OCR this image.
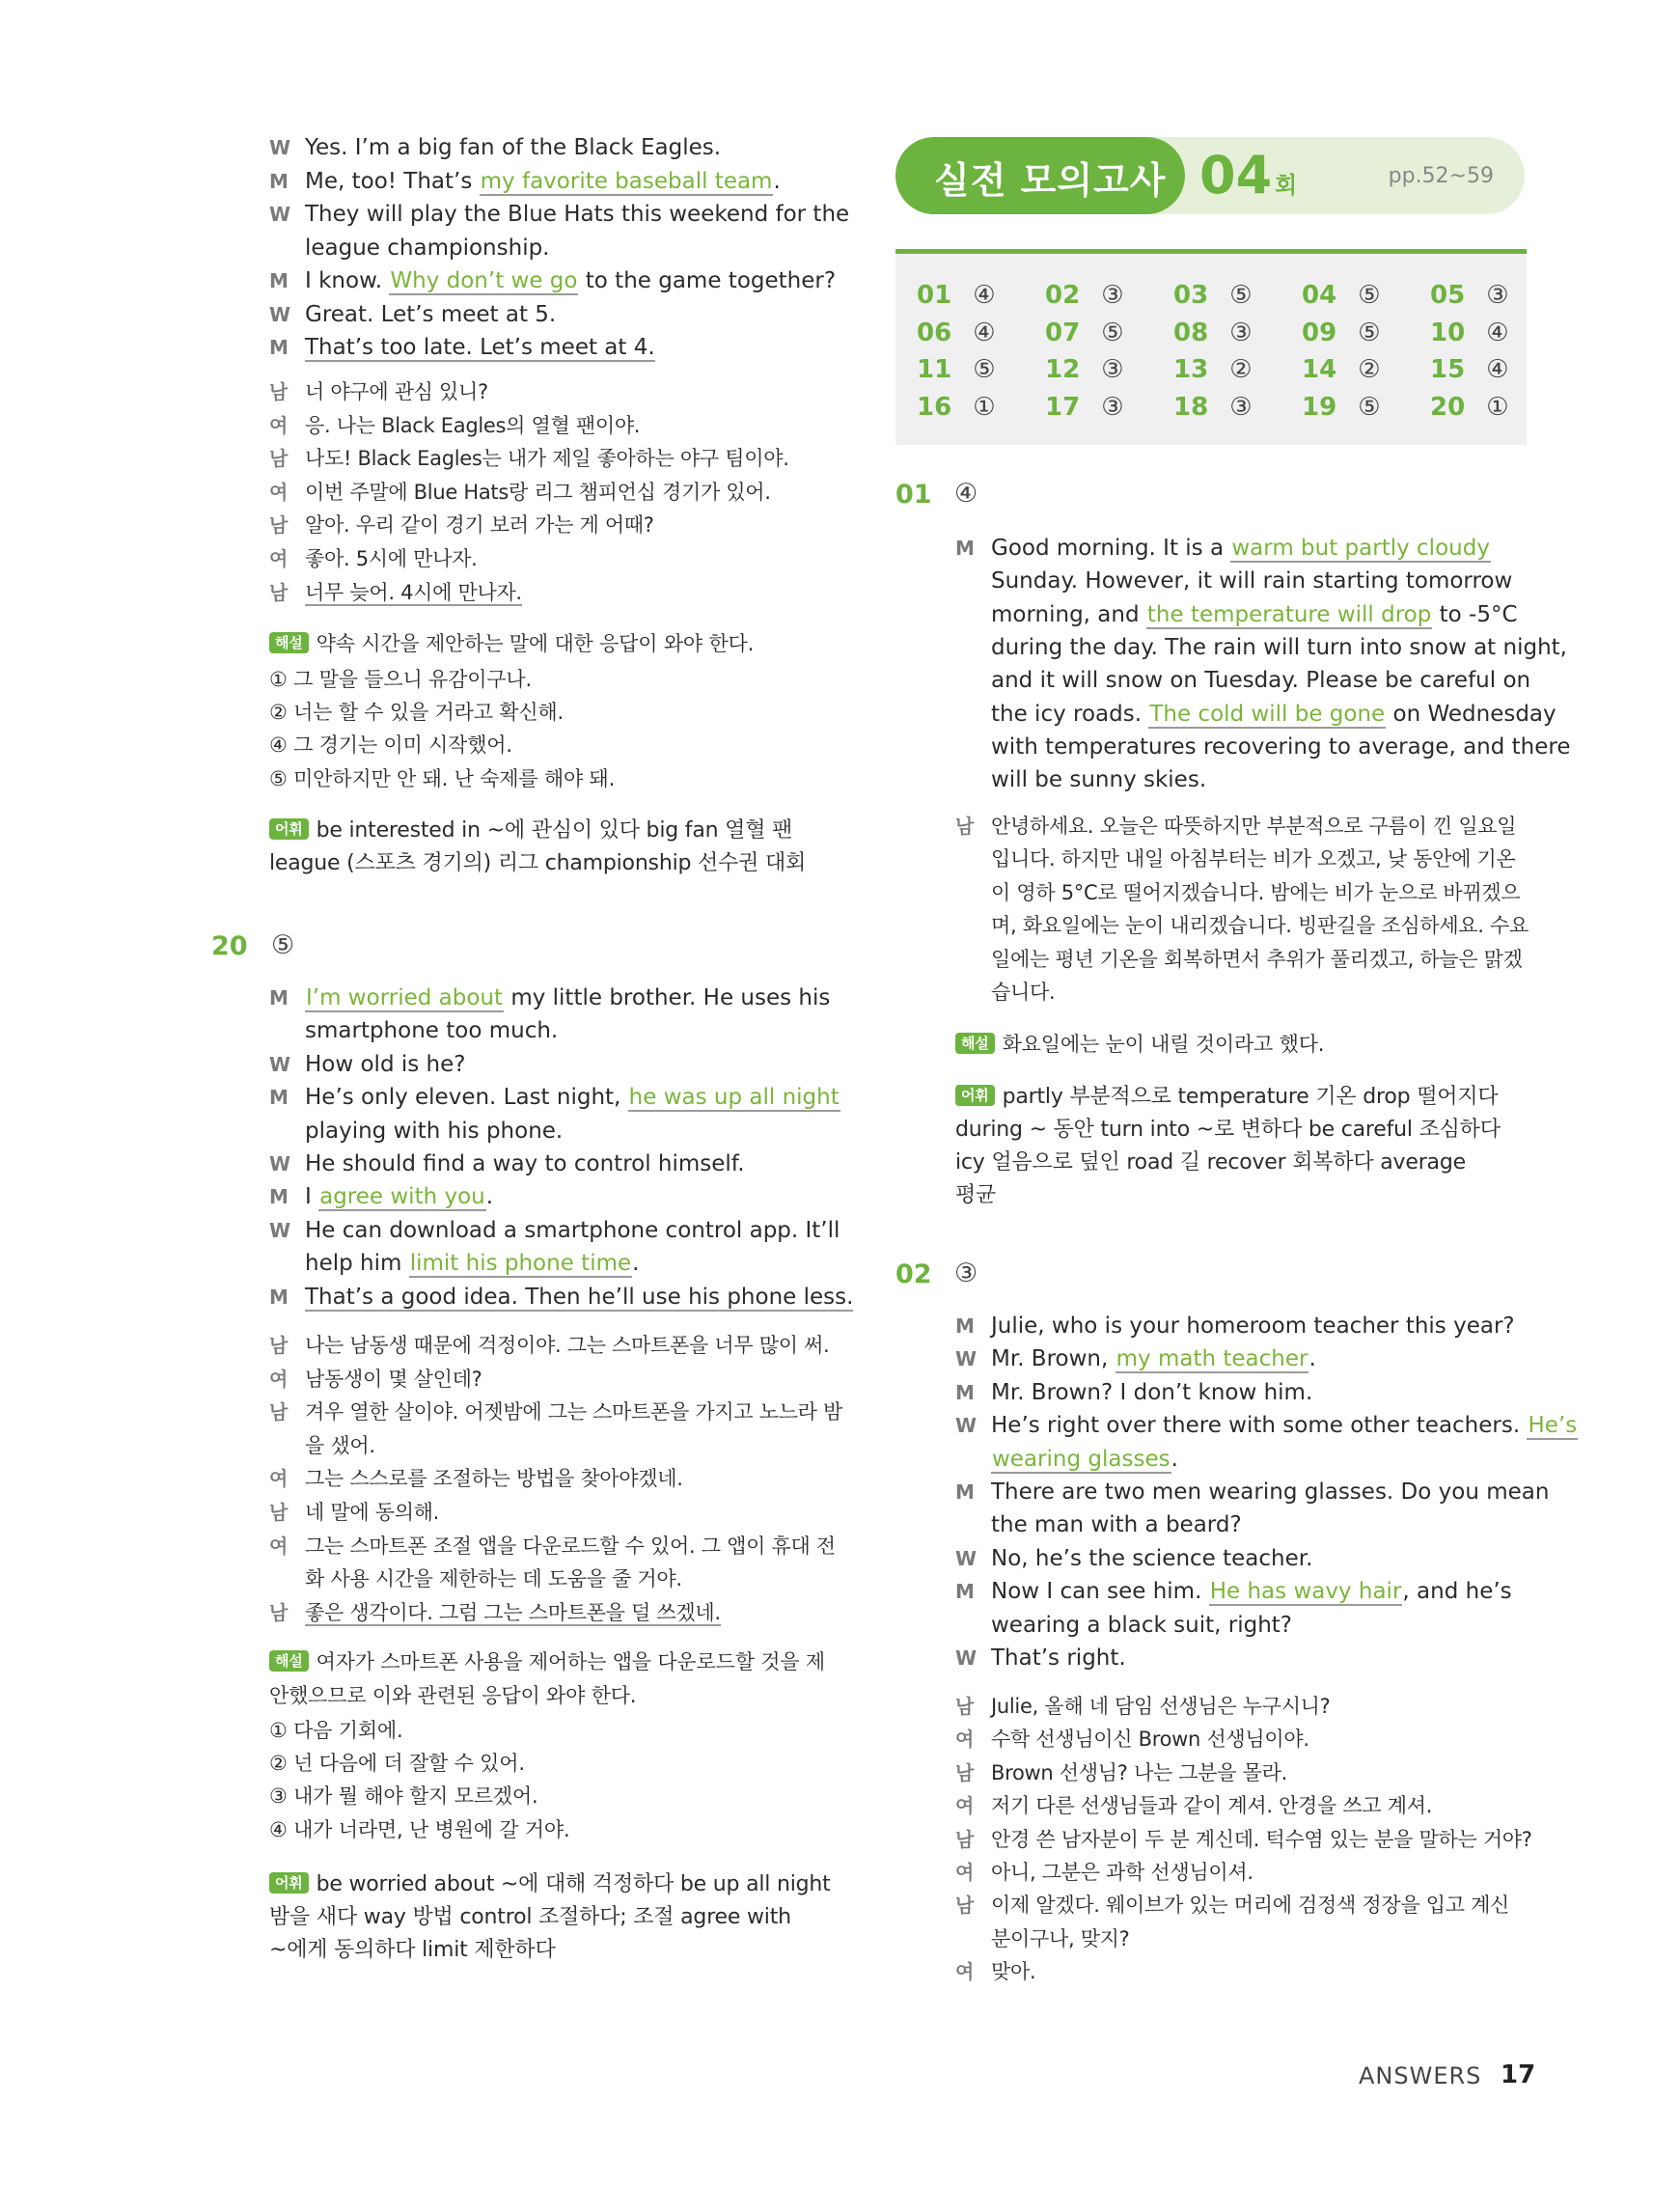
W Yes. I’m a big fan of the Black Eagles.
M Me, too! That’s my favorite baseball team.
W They will play the Blue Hats this weekend for the
league championship.
M I know. Why don’t we go to the game together?
W Great. Let’s meet at 5.
M That’s too late. Let’s meet at 4.
남 너 야구에 관심 있니?
여 응. 나는 Black Eagles의 열혈 팬이야.
남 나도! Black Eagles는 내가 제일 좋아하는 야구 팀이야.
여 이번 주말에 Blue Hats랑 리그 챔피언십 경기가 있어.
남 알아. 우리 같이 경기 보러 가는 게 어때?
여 좋아. 5시에 만나자.
남 너무 늦어. 4시에 만나자.
해설 약속 시간을 제안하는 말에 대한 응답이 와야 한다.
① 그 말을 들으니 유감이구나.
② 너는 할 수 있을 거라고 확신해.
④ 그 경기는 이미 시작했어.
⑤ 미안하지만 안 돼. 난 숙제를 해야 돼.
어휘 be interested in ~에 관심이 있다 big fan 열혈 팬
league (스포츠 경기의) 리그 championship 선수권 대회
20 ⑤
M I’m worried about my little brother. He uses his
smartphone too much.
W How old is he?
M He’s only eleven. Last night, he was up all night
playing with his phone.
W He should find a way to control himself.
M I agree with you.
W He can download a smartphone control app. It’ll
help him limit his phone time.
M That’s a good idea. Then he’ll use his phone less.
남 나는 남동생 때문에 걱정이야. 그는 스마트폰을 너무 많이 써.
여 남동생이 몇 살인데?
남 겨우 열한 살이야. 어젯밤에 그는 스마트폰을 가지고 노느라 밤
을 샜어.
여 그는 스스로를 조절하는 방법을 찾아야겠네.
남 네 말에 동의해.
여 그는 스마트폰 조절 앱을 다운로드할 수 있어. 그 앱이 휴대 전
화 사용 시간을 제한하는 데 도움을 줄 거야.
남 좋은 생각이다. 그럼 그는 스마트폰을 덜 쓰겠네.
해설 여자가 스마트폰 사용을 제어하는 앱을 다운로드할 것을 제
안했으므로 이와 관련된 응답이 와야 한다.
① 다음 기회에.
② 넌 다음에 더 잘할 수 있어.
③ 내가 뭘 해야 할지 모르겠어.
④ 내가 너라면, 난 병원에 갈 거야.
어휘 be worried about ~에 대해 걱정하다 be up all night
밤을 새다 way 방법 control 조절하다; 조절 agree with
~에게 동의하다 limit 제한하다
실전 모의고사 04 회	pp.52~59
01 ④ 02 ③ 03 ⑤ 04 ⑤ 05 ③
06 ④ 07 ⑤ 08 ③ 09 ⑤ 10 ④
11 ⑤ 12 ③ 13 ② 14 ② 15 ④
16 ① 17 ③ 18 ③ 19 ⑤ 20 ①
01 ④
M Good morning. It is a warm but partly cloudy
Sunday. However, it will rain starting tomorrow
morning, and the temperature will drop to -5°C
during the day. The rain will turn into snow at night,
and it will snow on Tuesday. Please be careful on
the icy roads. The cold will be gone on Wednesday
with temperatures recovering to average, and there
will be sunny skies.
남 안녕하세요. 오늘은 따뜻하지만 부분적으로 구름이 낀 일요일
입니다. 하지만 내일 아침부터는 비가 오겠고, 낮 동안에 기온
이 영하 5°C로 떨어지겠습니다. 밤에는 비가 눈으로 바뀌겠으
며, 화요일에는 눈이 내리겠습니다. 빙판길을 조심하세요. 수요
일에는 평년 기온을 회복하면서 추위가 풀리겠고, 하늘은 맑겠
습니다.
해설 화요일에는 눈이 내릴 것이라고 했다.
어휘 partly 부분적으로 temperature 기온 drop 떨어지다
during ~ 동안 turn into ~로 변하다 be careful 조심하다
icy 얼음으로 덮인 road 길 recover 회복하다 average
평균
02 ③
M Julie, who is your homeroom teacher this year?
W Mr. Brown, my math teacher.
M Mr. Brown? I don’t know him.
W He’s right over there with some other teachers. He’s
wearing glasses.
M There are two men wearing glasses. Do you mean
the man with a beard?
W No, he’s the science teacher.
M Now I can see him. He has wavy hair, and he’s
wearing a black suit, right?
W That’s right.
남 Julie, 올해 네 담임 선생님은 누구시니?
여 수학 선생님이신 Brown 선생님이야.
남 Brown 선생님? 나는 그분을 몰라.
여 저기 다른 선생님들과 같이 계셔. 안경을 쓰고 계셔.
남 안경 쓴 남자분이 두 분 계신데. 턱수염 있는 분을 말하는 거야?
여 아니, 그분은 과학 선생님이셔.
남 이제 알겠다. 웨이브가 있는 머리에 검정색 정장을 입고 계신
분이구나, 맞지?
여 맞아.
ANSWERS 17
